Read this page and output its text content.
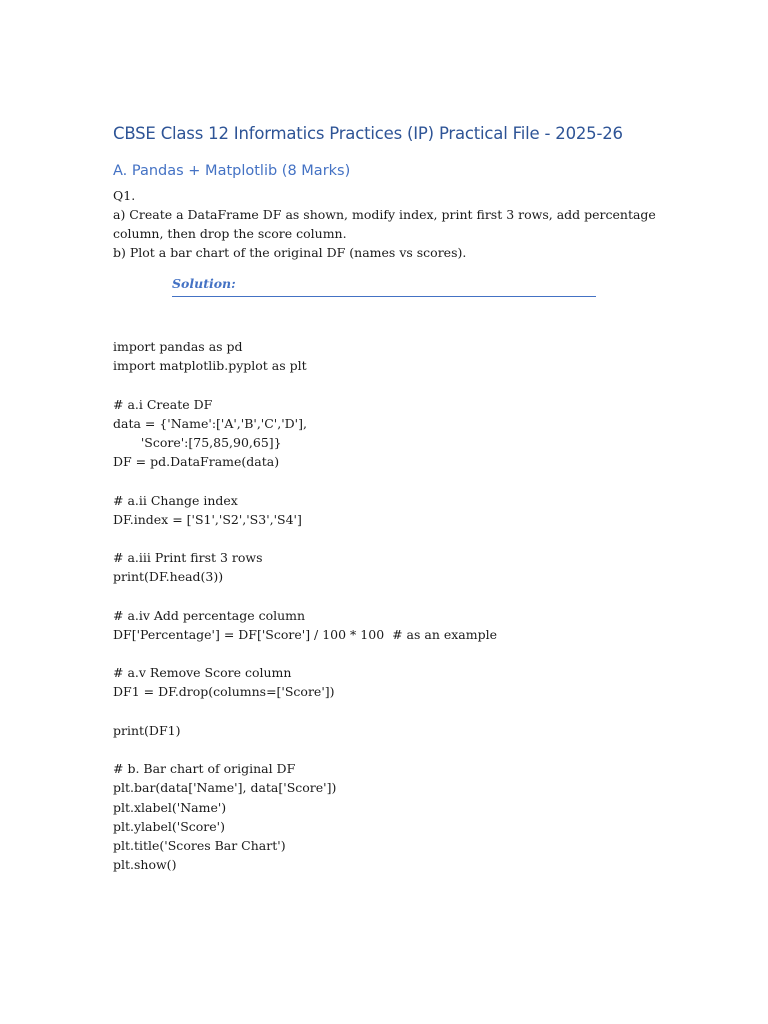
CBSE Class 12 Informatics Practices (IP) Practical File - 2025-26
A. Pandas + Matplotlib (8 Marks)
Q1.
a) Create a DataFrame DF as shown, modify index, print first 3 rows, add percentage
column, then drop the score column.
b) Plot a bar chart of the original DF (names vs scores).
Solution:
import pandas as pd
import matplotlib.pyplot as plt
# a.i Create DF
data = {'Name':['A','B','C','D'],
'Score':[75,85,90,65]}
DF = pd.DataFrame(data)
# a.ii Change index
DF.index = ['S1','S2','S3','S4']
# a.iii Print first 3 rows
print(DF.head(3))
# a.iv Add percentage column
DF['Percentage'] = DF['Score'] / 100 * 100  # as an example
# a.v Remove Score column
DF1 = DF.drop(columns=['Score'])
print(DF1)
# b. Bar chart of original DF
plt.bar(data['Name'], data['Score'])
plt.xlabel('Name')
plt.ylabel('Score')
plt.title('Scores Bar Chart')
plt.show()
